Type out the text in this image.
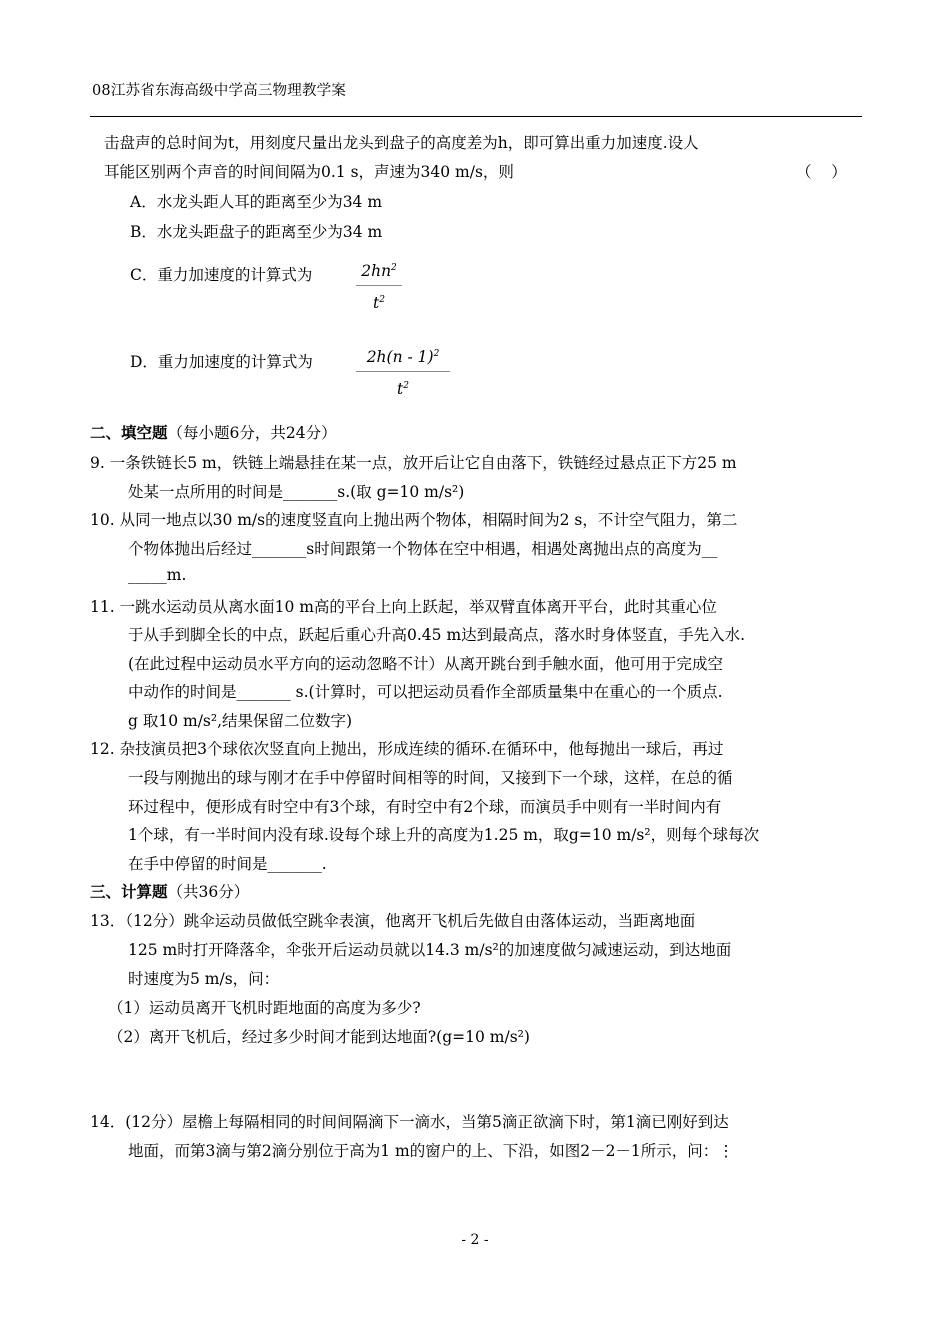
08江苏省东海高级中学高三物理教学案
击盘声的总时间为t，用刻度尺量出龙头到盘子的高度差为h，即可算出重力加速度.设人
耳能区别两个声音的时间间隔为0.1 s，声速为340 m/s，则	（    ）
A．水龙头距人耳的距离至少为34 m
B．水龙头距盘子的距离至少为34 m
C．重力加速度的计算式为	$\frac{2hn^2}{t^2}$
D．重力加速度的计算式为	$\frac{2h(n - 1)^2}{t^2}$
二、填空题（每小题6分，共24分）
9. 一条铁链长5 m，铁链上端悬挂在某一点，放开后让它自由落下，铁链经过悬点正下方25 m
处某一点所用的时间是_______s.(取 g=10 m/s²)
10. 从同一地点以30 m/s的速度竖直向上抛出两个物体，相隔时间为2 s，不计空气阻力，第二
个物体抛出后经过_______s时间跟第一个物体在空中相遇，相遇处离抛出点的高度为__
_____m.
11. 一跳水运动员从离水面10 m高的平台上向上跃起，举双臂直体离开平台，此时其重心位
于从手到脚全长的中点，跃起后重心升高0.45 m达到最高点，落水时身体竖直，手先入水.
(在此过程中运动员水平方向的运动忽略不计）从离开跳台到手触水面，他可用于完成空
中动作的时间是_______ s.(计算时，可以把运动员看作全部质量集中在重心的一个质点.
g 取10 m/s²,结果保留二位数字)
12. 杂技演员把3个球依次竖直向上抛出，形成连续的循环.在循环中，他每抛出一球后，再过
一段与刚抛出的球与刚才在手中停留时间相等的时间，又接到下一个球，这样，在总的循
环过程中，便形成有时空中有3个球，有时空中有2个球，而演员手中则有一半时间内有
1个球，有一半时间内没有球.设每个球上升的高度为1.25 m，取g=10 m/s²，则每个球每次
在手中停留的时间是_______.
三、计算题（共36分）
13．（12分）跳伞运动员做低空跳伞表演，他离开飞机后先做自由落体运动，当距离地面
125 m时打开降落伞，伞张开后运动员就以14.3 m/s²的加速度做匀减速运动，到达地面
时速度为5 m/s，问：
（1）运动员离开飞机时距地面的高度为多少?
（2）离开飞机后，经过多少时间才能到达地面?(g=10 m/s²)
14．(12分）屋檐上每隔相同的时间间隔滴下一滴水，当第5滴正欲滴下时，第1滴已刚好到达
地面，而第3滴与第2滴分别位于高为1 m的窗户的上、下沿，如图2－2－1所示，问：⋮
- 2 -
